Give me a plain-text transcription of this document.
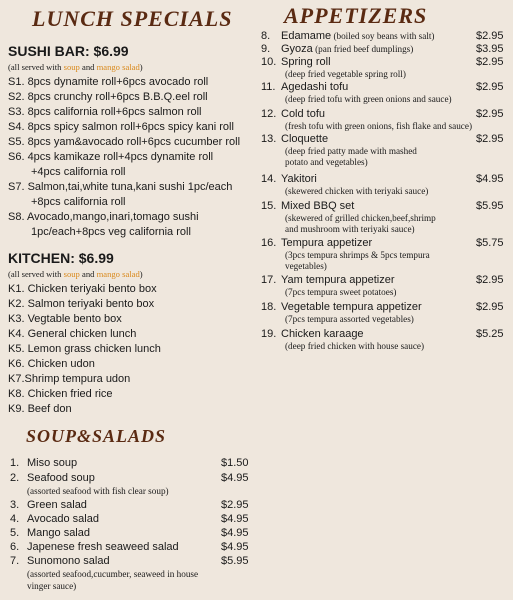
LUNCH SPECIALS
SUSHI BAR: $6.99
(all served with soup and mango salad)
S1. 8pcs dynamite roll+6pcs avocado roll
S2. 8pcs crunchy roll+6pcs B.B.Q.eel roll
S3. 8pcs california roll+6pcs salmon roll
S4. 8pcs spicy salmon roll+6pcs spicy kani roll
S5. 8pcs yam&avocado roll+6pcs cucumber roll
S6. 4pcs kamikaze roll+4pcs dynamite roll
+4pcs california roll
S7. Salmon,tai,white tuna,kani sushi 1pc/each
+8pcs california roll
S8. Avocado,mango,inari,tomago sushi
1pc/each+8pcs veg california roll
KITCHEN: $6.99
(all served with soup and mango salad)
K1. Chicken teriyaki bento box
K2. Salmon teriyaki bento box
K3. Vegtable bento box
K4. General chicken lunch
K5. Lemon grass chicken lunch
K6. Chicken udon
K7.Shrimp tempura udon
K8. Chicken fried rice
K9. Beef don
SOUP&SALADS
1. Miso soup	$1.50
2. Seafood soup	$4.95
(assorted seafood with fish clear soup)
3. Green salad	$2.95
4. Avocado salad	$4.95
5. Mango salad	$4.95
6. Japenese fresh seaweed salad	$4.95
7. Sunomono salad	$5.95
(assorted seafood,cucumber, seaweed in house
vinger sauce)
APPETIZERS
8. Edamame (boiled soy beans with salt)	$2.95
9. Gyoza (pan fried beef dumplings)	$3.95
10. Spring roll	$2.95
(deep fried vegetable spring roll)
11. Agedashi tofu	$2.95
(deep fried tofu with green onions and sauce)
12. Cold tofu	$2.95
(fresh tofu with green onions, fish flake and sauce)
13. Cloquette	$2.95
(deep fried patty made with mashed
potato and vegetables)
14. Yakitori	$4.95
(skewered chicken with teriyaki sauce)
15. Mixed BBQ set	$5.95
(skewered of grilled chicken,beef,shrimp
and mushroom with teriyaki sauce)
16. Tempura appetizer	$5.75
(3pcs tempura shrimps & 5pcs tempura
vegetables)
17. Yam tempura appetizer	$2.95
(7pcs tempura sweet potatoes)
18. Vegetable tempura appetizer	$2.95
(7pcs tempura assorted vegetables)
19. Chicken karaage	$5.25
(deep fried chicken with house sauce)
